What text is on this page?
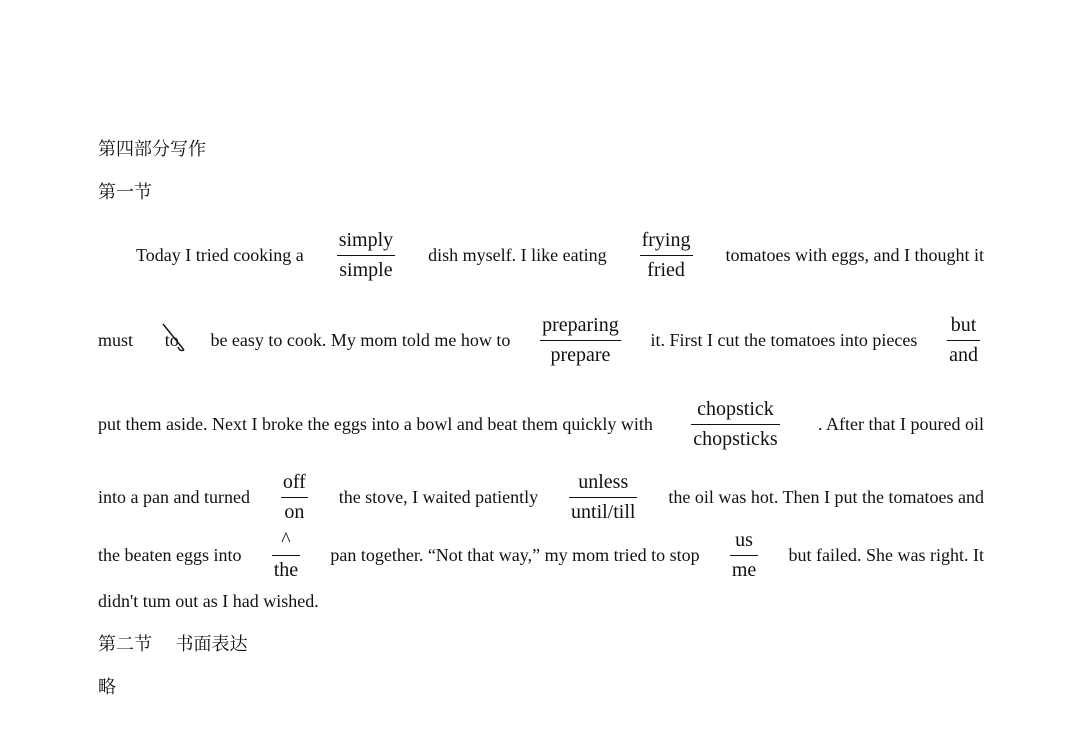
第四部分写作
第一节
Today I tried cooking a $\frac{\text{simply}}{\text{simple}}$ dish myself. I like eating $\frac{\text{frying}}{\text{fried}}$ tomatoes with eggs, and I thought it
must to be easy to cook. My mom told me how to $\frac{\text{preparing}}{\text{prepare}}$ it. First I cut the tomatoes into pieces $\frac{\text{but}}{\text{and}}$
put them aside. Next I broke the eggs into a bowl and beat them quickly with $\frac{\text{chopstick}}{\text{chopsticks}}$ . After that I poured oil
into a pan and turned $\frac{\text{off}}{on}$ the stove, I waited patiently $\frac{\text{unless}}{\text{until/till}}$ the oil was hot. Then I put the tomatoes and
the beaten eggs into $\frac{\^{}}{\text{the}}$ pan together. “Not that way,” my mom tried to stop $\frac{us}{me}$ but failed. She was right. It
didn't tum out as I had wished.
第二节 书面表达
略
